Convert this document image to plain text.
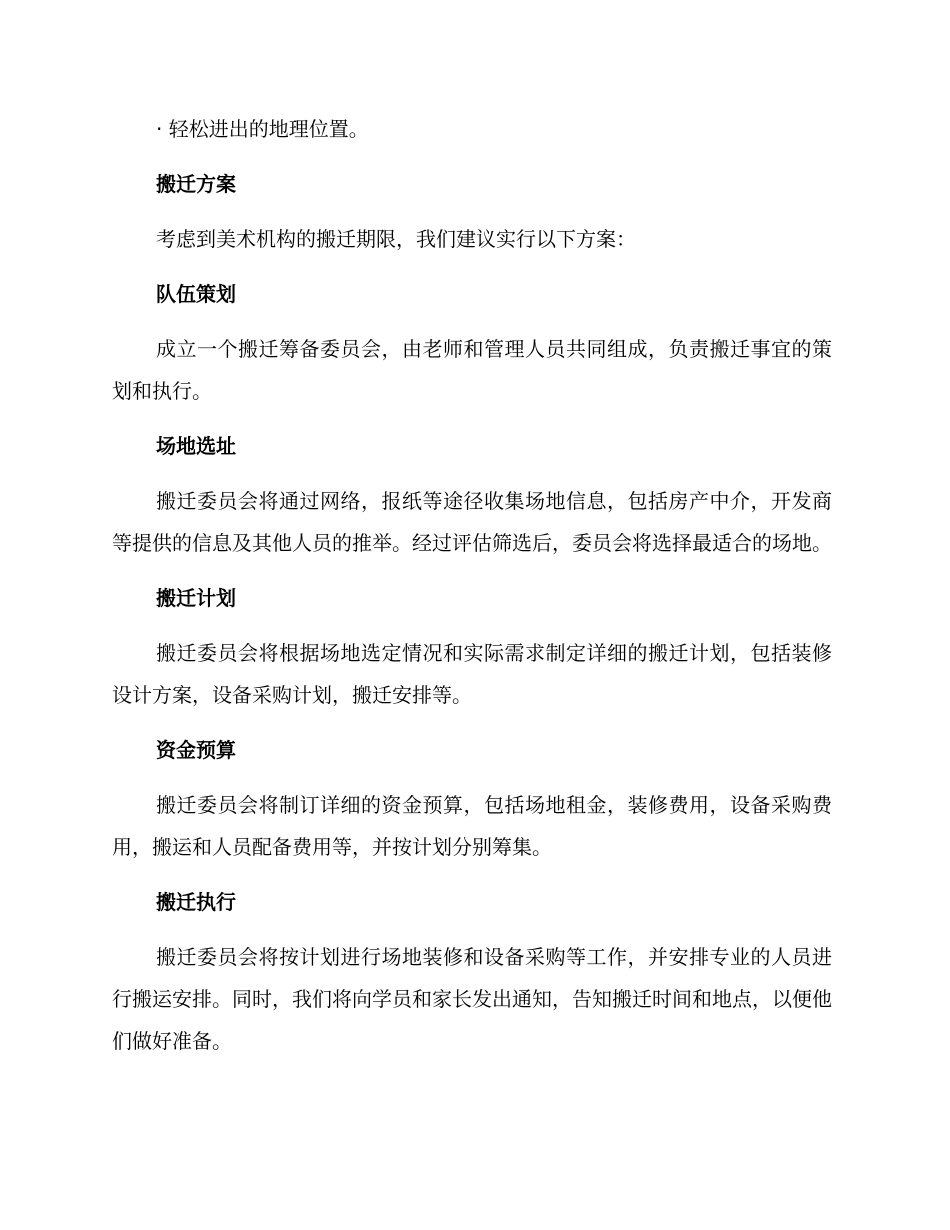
· 轻松进出的地理位置。

搬迁方案

考虑到美术机构的搬迁期限，我们建议实行以下方案：

队伍策划

成立一个搬迁筹备委员会，由老师和管理人员共同组成，负责搬迁事宜的策划和执行。

场地选址

搬迁委员会将通过网络，报纸等途径收集场地信息，包括房产中介，开发商等提供的信息及其他人员的推举。经过评估筛选后，委员会将选择最适合的场地。

搬迁计划

搬迁委员会将根据场地选定情况和实际需求制定详细的搬迁计划，包括装修设计方案，设备采购计划，搬迁安排等。

资金预算

搬迁委员会将制订详细的资金预算，包括场地租金，装修费用，设备采购费用，搬运和人员配备费用等，并按计划分别筹集。

搬迁执行

搬迁委员会将按计划进行场地装修和设备采购等工作，并安排专业的人员进行搬运安排。同时，我们将向学员和家长发出通知，告知搬迁时间和地点，以便他们做好准备。
